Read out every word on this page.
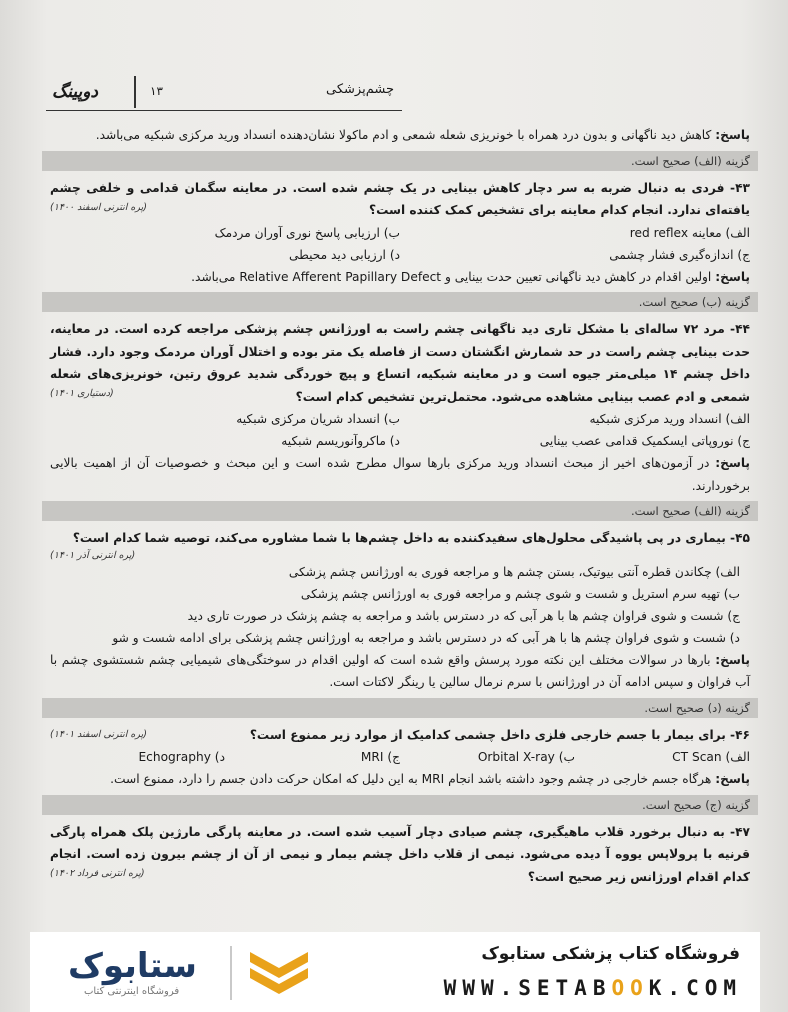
دوپینگ	۱۳	چشم‌پزشکی

پاسخ: کاهش دید ناگهانی و بدون درد همراه با خونریزی شعله شمعی و ادم ماکولا نشان‌دهنده انسداد ورید مرکزی شبکیه می‌باشد.

گزینه (الف) صحیح است.

۴۳- فردی به دنبال ضربه به سر دچار کاهش بینایی در یک چشم شده است. در معاینه سگمان قدامی و خلفی چشم یافته‌ای ندارد. انجام کدام معاینه برای تشخیص کمک کننده است؟

(پره انترنی اسفند ۱۴۰۰)
الف) معاینه red reflex
ب) ارزیابی پاسخ نوری آوران مردمک
ج) اندازه‌گیری فشار چشمی
د) ارزیابی دید محیطی

پاسخ: اولین اقدام در کاهش دید ناگهانی تعیین حدت بینایی و Relative Afferent Papillary Defect می‌باشد.

گزینه (ب) صحیح است.

۴۴- مرد ۷۲ ساله‌ای با مشکل تاری دید ناگهانی چشم راست به اورژانس چشم پزشکی مراجعه کرده است. در معاینه، حدت بینایی چشم راست در حد شمارش انگشتان دست از فاصله یک متر بوده و اختلال آوران مردمک وجود دارد. فشار داخل چشم ۱۴ میلی‌متر جیوه است و در معاینه شبکیه، اتساع و پیچ خوردگی شدید عروق رتین، خونریزی‌های شعله شمعی و ادم عصب بینایی مشاهده می‌شود. محتمل‌ترین تشخیص کدام است؟

(دستیاری ۱۴۰۱)
الف) انسداد ورید مرکزی شبکیه
ب) انسداد شریان مرکزی شبکیه
ج) نوروپاتی ایسکمیک قدامی عصب بینایی
د) ماکروآنوریسم شبکیه

پاسخ: در آزمون‌های اخیر از مبحث انسداد ورید مرکزی بارها سوال مطرح شده است و این مبحث و خصوصیات آن از اهمیت بالایی برخوردارند.

گزینه (الف) صحیح است.

۴۵- بیماری در پی پاشیدگی محلول‌های سفیدکننده به داخل چشم‌ها با شما مشاوره می‌کند، توصیه شما کدام است؟

(پره انترنی آذر ۱۴۰۱)
الف) چکاندن قطره آنتی بیوتیک، بستن چشم ها و مراجعه فوری به اورژانس چشم پزشکی
ب) تهیه سرم استریل و شست و شوی چشم و مراجعه فوری به اورژانس چشم پزشکی
ج) شست و شوی فراوان چشم ها با هر آبی که در دسترس باشد و مراجعه به چشم پزشک در صورت تاری دید
د) شست و شوی فراوان چشم ها با هر آبی که در دسترس باشد و مراجعه به اورژانس چشم پزشکی برای ادامه شست و شو

پاسخ: بارها در سوالات مختلف این نکته مورد پرسش واقع شده است که اولین اقدام در سوختگی‌های شیمیایی چشم شستشوی چشم با آب فراوان و سپس ادامه آن در اورژانس با سرم نرمال سالین یا رینگر لاکتات است.

گزینه (د) صحیح است.

۴۶- برای بیمار با جسم خارجی فلزی داخل چشمی کدامیک از موارد زیر ممنوع است؟
(پره انترنی اسفند ۱۴۰۱)

الف) CT Scan
ب) Orbital X-ray
ج) MRI
د) Echography

پاسخ: هرگاه جسم خارجی در چشم وجود داشته باشد انجام MRI به این دلیل که امکان حرکت دادن جسم را دارد، ممنوع است.

گزینه (ج) صحیح است.

۴۷- به دنبال برخورد قلاب ماهیگیری، چشم صیادی دچار آسیب شده است. در معاینه پارگی مارژین پلک همراه پارگی قرنیه با پرولاپس یووه آ دیده می‌شود. نیمی از قلاب داخل چشم بیمار و نیمی از آن از چشم بیرون زده است. انجام کدام اقدام اورژانس زیر صحیح است؟

(پره انترنی فرداد ۱۴۰۲)
ستابوک
فروشگاه اینترنتی کتاب
فروشگاه کتاب پزشکی ستابوک
WWW.SETABOOK.COM
